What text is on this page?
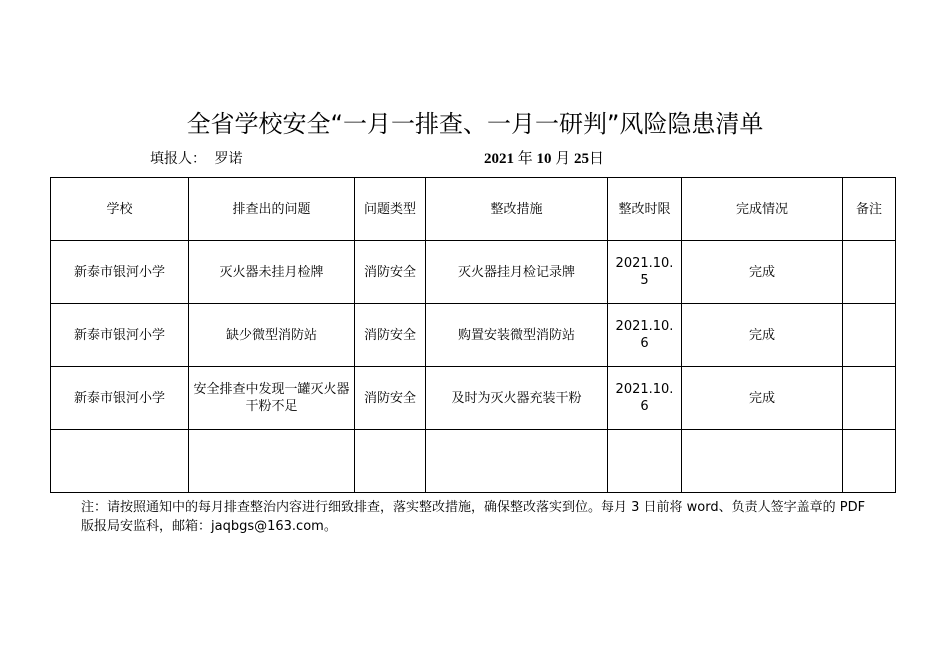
全省学校安全“一月一排查、一月一研判”风险隐患清单
填报人： 罗诺	2021 年 10 月 25日
学校	排查出的问题	问题类型	整改措施	整改时限	完成情况	备注
新泰市银河小学	灭火器未挂月检牌	消防安全	灭火器挂月检记录牌	2021.10.5	完成	
新泰市银河小学	缺少微型消防站	消防安全	购置安装微型消防站	2021.10.6	完成	
新泰市银河小学	安全排查中发现一罐灭火器干粉不足	消防安全	及时为灭火器充装干粉	2021.10.6	完成	

注：请按照通知中的每月排查整治内容进行细致排查，落实整改措施，确保整改落实到位。每月 3 日前将 word、负责人签字盖章的 PDF 版报局安监科，邮箱：jaqbgs@163.com。
